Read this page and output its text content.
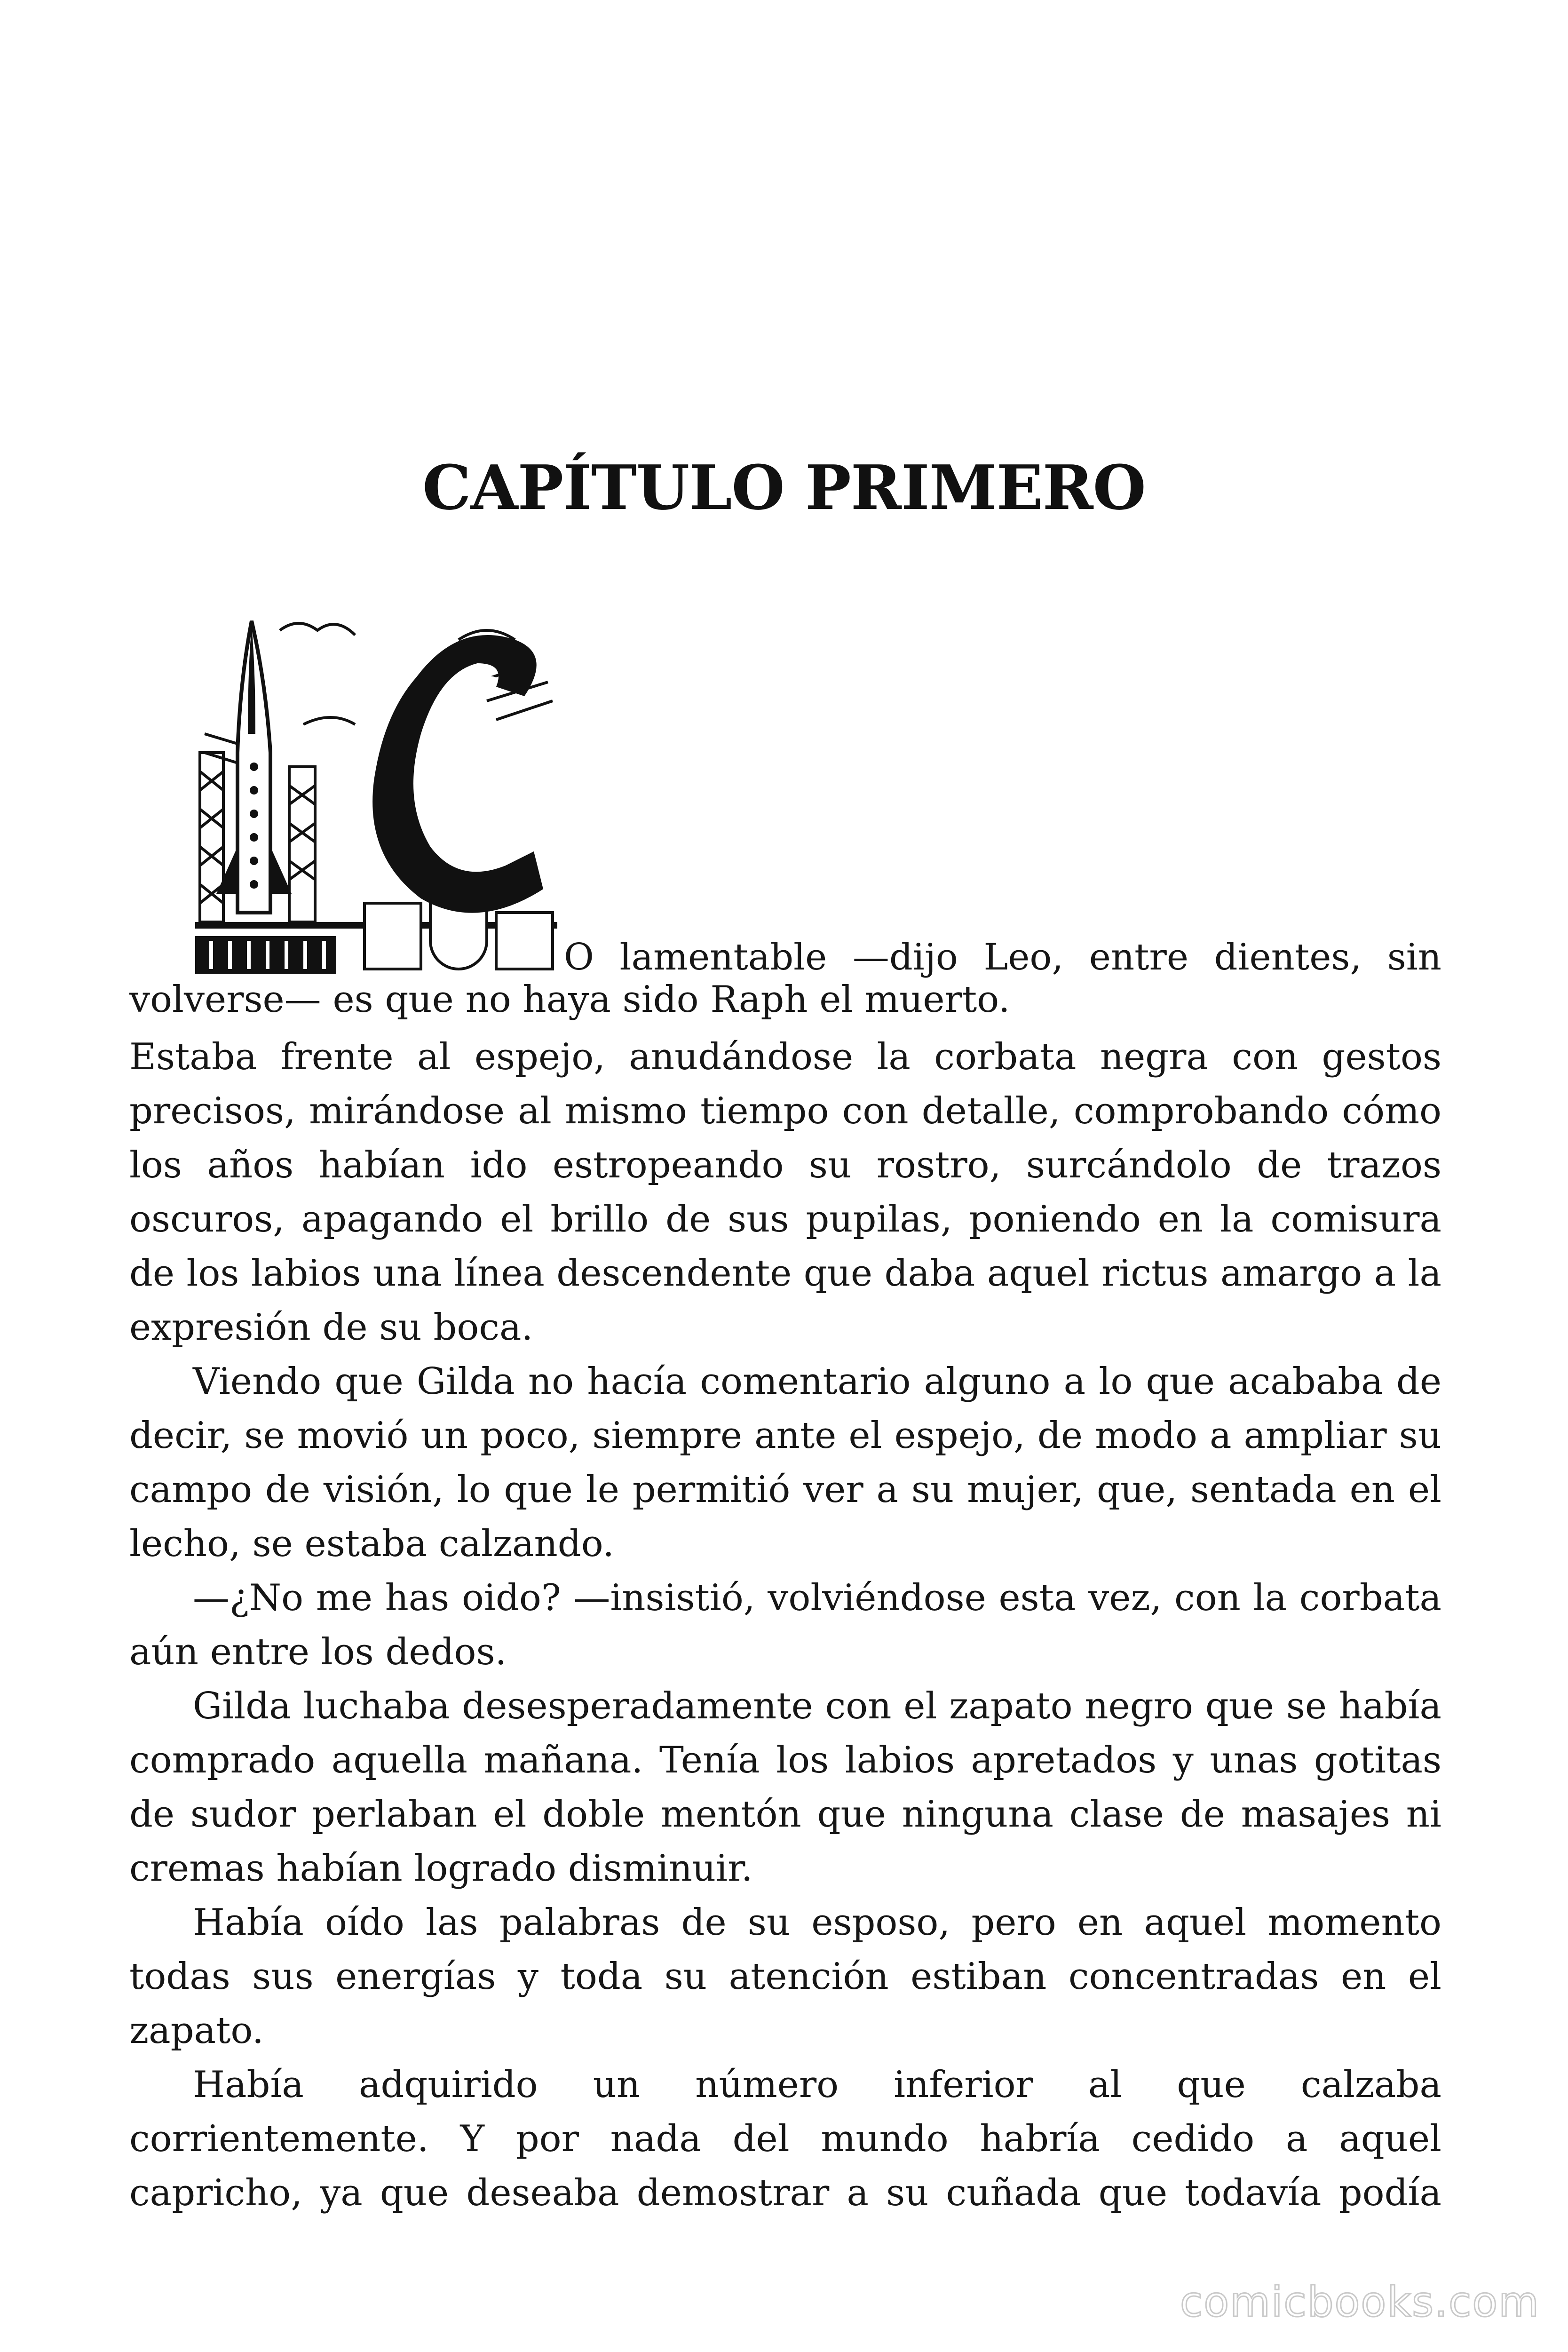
CAPÍTULO PRIMERO

O lamentable —dijo Leo, entre dientes, sin volverse— es que no haya sido Raph el muerto.

Estaba frente al espejo, anudándose la corbata negra con gestos precisos, mirándose al mismo tiempo con detalle, comprobando cómo los años habían ido estropeando su rostro, surcándolo de trazos oscuros, apagando el brillo de sus pupilas, poniendo en la comisura de los labios una línea descendente que daba aquel rictus amargo a la expresión de su boca.

Viendo que Gilda no hacía comentario alguno a lo que acababa de decir, se movió un poco, siempre ante el espejo, de modo a ampliar su campo de visión, lo que le permitió ver a su mujer, que, sentada en el lecho, se estaba calzando.

—¿No me has oido? —insistió, volviéndose esta vez, con la corbata aún entre los dedos.

Gilda luchaba desesperadamente con el zapato negro que se había comprado aquella mañana. Tenía los labios apretados y unas gotitas de sudor perlaban el doble mentón que ninguna clase de masajes ni cremas habían logrado disminuir.

Había oído las palabras de su esposo, pero en aquel momento todas sus energías y toda su atención estiban concentradas en el zapato.

Había adquirido un número inferior al que calzaba corrientemente. Y por nada del mundo habría cedido a aquel capricho, ya que deseaba demostrar a su cuñada que todavía podía

comicbooks.com
